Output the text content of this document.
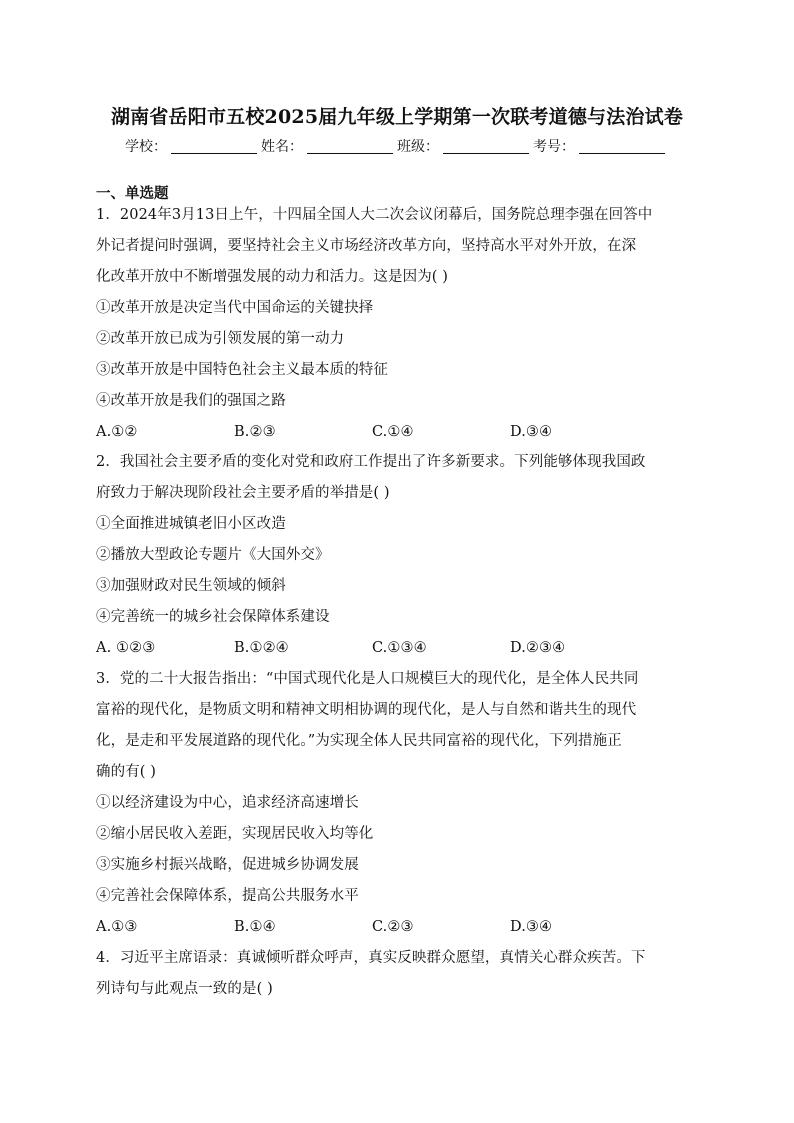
湖南省岳阳市五校2025届九年级上学期第一次联考道德与法治试卷
学校：	姓名：	班级：	考号：
一、单选题

1．2024年3月13日上午，十四届全国人大二次会议闭幕后，国务院总理李强在回答中

外记者提问时强调，要坚持社会主义市场经济改革方向，坚持高水平对外开放，在深

化改革开放中不断增强发展的动力和活力。这是因为( )

①改革开放是决定当代中国命运的关键抉择

②改革开放已成为引领发展的第一动力

③改革开放是中国特色社会主义最本质的特征

④改革开放是我们的强国之路

A.①②	B.②③	C.①④	D.③④

2．我国社会主要矛盾的变化对党和政府工作提出了许多新要求。下列能够体现我国政

府致力于解决现阶段社会主要矛盾的举措是( )

①全面推进城镇老旧小区改造

②播放大型政论专题片《大国外交》

③加强财政对民生领域的倾斜

④完善统一的城乡社会保障体系建设

A. ①②③	B.①②④	C.①③④	D.②③④

3．党的二十大报告指出：“中国式现代化是人口规模巨大的现代化，是全体人民共同

富裕的现代化，是物质文明和精神文明相协调的现代化，是人与自然和谐共生的现代

化，是走和平发展道路的现代化。”为实现全体人民共同富裕的现代化，下列措施正

确的有( )

①以经济建设为中心，追求经济高速增长

②缩小居民收入差距，实现居民收入均等化

③实施乡村振兴战略，促进城乡协调发展

④完善社会保障体系，提高公共服务水平

A.①③	B.①④	C.②③	D.③④

4．习近平主席语录：真诚倾听群众呼声，真实反映群众愿望，真情关心群众疾苦。下

列诗句与此观点一致的是( )
